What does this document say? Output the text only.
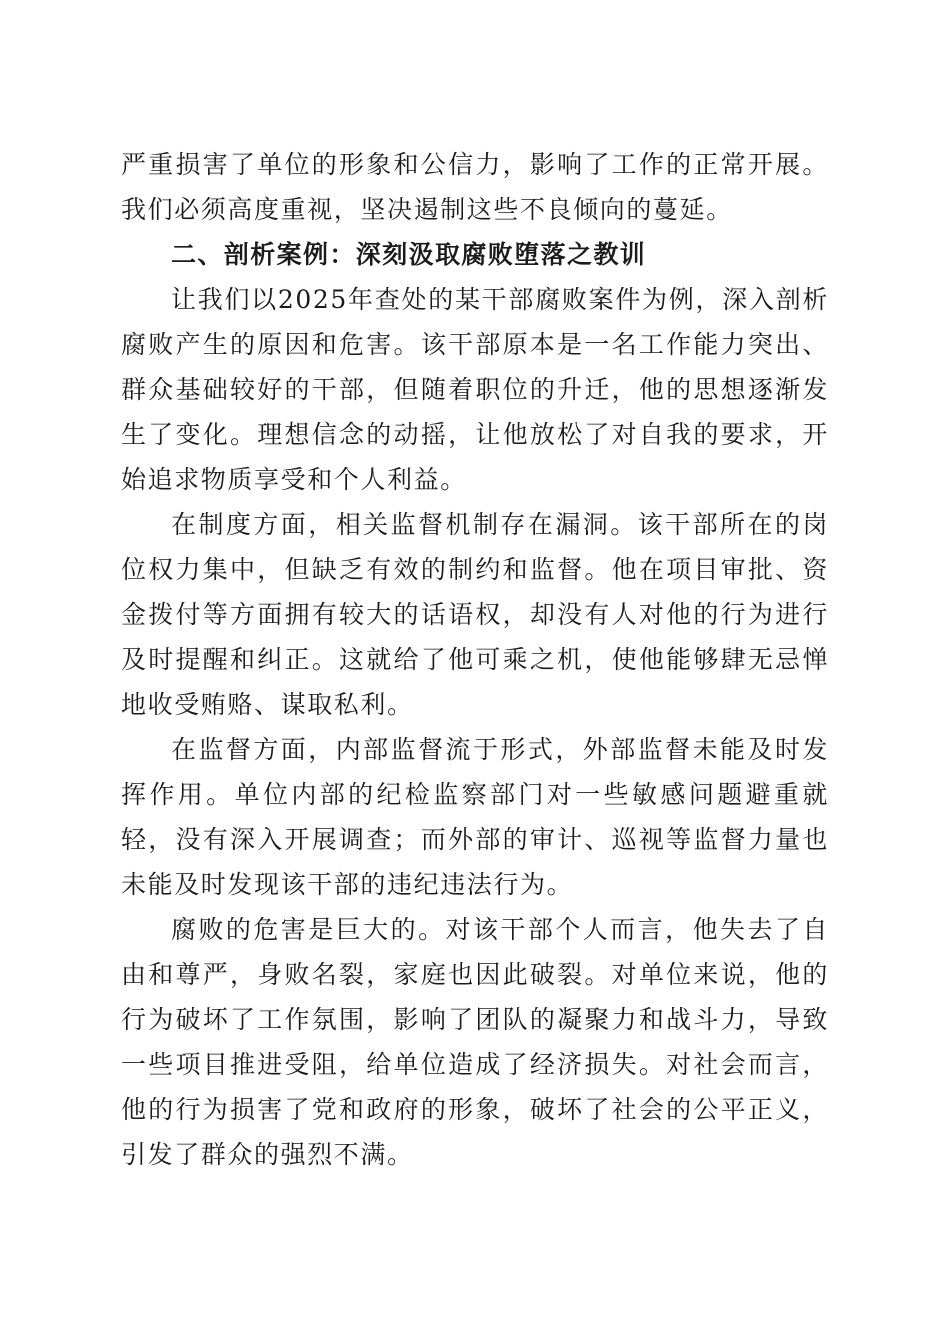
严重损害了单位的形象和公信力，影响了工作的正常开展。我们必须高度重视，坚决遏制这些不良倾向的蔓延。

二、剖析案例：深刻汲取腐败堕落之教训

让我们以2025年查处的某干部腐败案件为例，深入剖析腐败产生的原因和危害。该干部原本是一名工作能力突出、群众基础较好的干部，但随着职位的升迁，他的思想逐渐发生了变化。理想信念的动摇，让他放松了对自我的要求，开始追求物质享受和个人利益。

在制度方面，相关监督机制存在漏洞。该干部所在的岗位权力集中，但缺乏有效的制约和监督。他在项目审批、资金拨付等方面拥有较大的话语权，却没有人对他的行为进行及时提醒和纠正。这就给了他可乘之机，使他能够肆无忌惮地收受贿赂、谋取私利。

在监督方面，内部监督流于形式，外部监督未能及时发挥作用。单位内部的纪检监察部门对一些敏感问题避重就轻，没有深入开展调查；而外部的审计、巡视等监督力量也未能及时发现该干部的违纪违法行为。

腐败的危害是巨大的。对该干部个人而言，他失去了自由和尊严，身败名裂，家庭也因此破裂。对单位来说，他的行为破坏了工作氛围，影响了团队的凝聚力和战斗力，导致一些项目推进受阻，给单位造成了经济损失。对社会而言，他的行为损害了党和政府的形象，破坏了社会的公平正义，引发了群众的强烈不满。
